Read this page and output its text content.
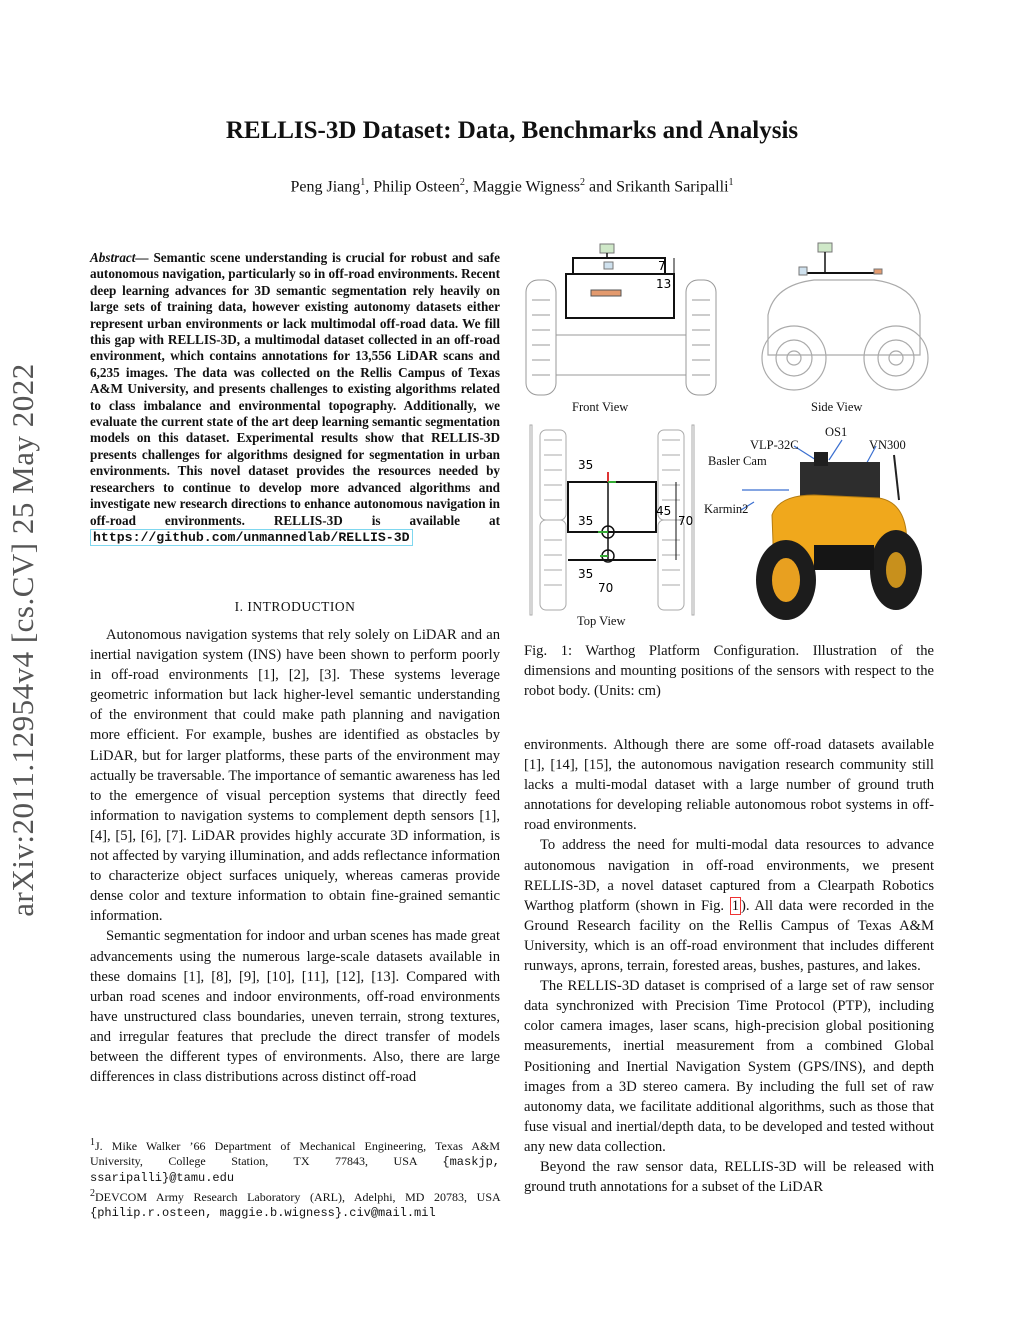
arXiv:2011.12954v4 [cs.CV] 25 May 2022
RELLIS-3D Dataset: Data, Benchmarks and Analysis
Peng Jiang$^1$, Philip Osteen$^2$, Maggie Wigness$^2$ and Srikanth Saripalli$^1$
Abstract— Semantic scene understanding is crucial for robust and safe autonomous navigation, particularly so in off-road environments. Recent deep learning advances for 3D semantic segmentation rely heavily on large sets of training data, however existing autonomy datasets either represent urban environments or lack multimodal off-road data. We fill this gap with RELLIS-3D, a multimodal dataset collected in an off-road environment, which contains annotations for 13,556 LiDAR scans and 6,235 images. The data was collected on the Rellis Campus of Texas A&M University, and presents challenges to existing algorithms related to class imbalance and environmental topography. Additionally, we evaluate the current state of the art deep learning semantic segmentation models on this dataset. Experimental results show that RELLIS-3D presents challenges for algorithms designed for segmentation in urban environments. This novel dataset provides the resources needed by researchers to continue to develop more advanced algorithms and investigate new research directions to enhance autonomous navigation in off-road environments. RELLIS-3D is available at https://github.com/unmannedlab/RELLIS-3D
I. INTRODUCTION

Autonomous navigation systems that rely solely on LiDAR and an inertial navigation system (INS) have been shown to perform poorly in off-road environments [1], [2], [3]. These systems leverage geometric information but lack higher-level semantic understanding of the environment that could make path planning and navigation more efficient. For example, bushes are identified as obstacles by LiDAR, but for larger platforms, these parts of the environment may actually be traversable. The importance of semantic awareness has led to the emergence of visual perception systems that directly feed information to navigation systems to complement depth sensors [1], [4], [5], [6], [7]. LiDAR provides highly accurate 3D information, is not affected by varying illumination, and adds reflectance information to characterize object surfaces uniquely, whereas cameras provide dense color and texture information to obtain fine-grained semantic information.

Semantic segmentation for indoor and urban scenes has made great advancements using the numerous large-scale datasets available in these domains [1], [8], [9], [10], [11], [12], [13]. Compared with urban road scenes and indoor environments, off-road environments have unstructured class boundaries, uneven terrain, strong textures, and irregular features that preclude the direct transfer of models between the different types of environments. Also, there are large differences in class distributions across distinct off-road

$^1$J. Mike Walker ’66 Department of Mechanical Engineering, Texas A&M University, College Station, TX 77843, USA {maskjp, ssaripalli}@tamu.edu

$^2$DEVCOM Army Research Laboratory (ARL), Adelphi, MD 20783, USA {philip.r.osteen, maggie.b.wigness}.civ@mail.mil

7
13
35
35
35
45
70
70
Front View	Side View
Top View
OS1
VLP-32C	VN300
Basler Cam
Karmin2
Fig. 1: Warthog Platform Configuration. Illustration of the dimensions and mounting positions of the sensors with respect to the robot body. (Units: cm)

environments. Although there are some off-road datasets available [1], [14], [15], the autonomous navigation research community still lacks a multi-modal dataset with a large number of ground truth annotations for developing reliable autonomous robot systems in off-road environments.

To address the need for multi-modal data resources to advance autonomous navigation in off-road environments, we present RELLIS-3D, a novel dataset captured from a Clearpath Robotics Warthog platform (shown in Fig. 1 ). All data were recorded in the Ground Research facility on the Rellis Campus of Texas A&M University, which is an off-road environment that includes different runways, aprons, terrain, forested areas, bushes, pastures, and lakes.

The RELLIS-3D dataset is comprised of a large set of raw sensor data synchronized with Precision Time Protocol (PTP), including color camera images, laser scans, high-precision global positioning measurements, inertial measurement from a combined Global Positioning and Inertial Navigation System (GPS/INS), and depth images from a 3D stereo camera. By including the full set of raw autonomy data, we facilitate additional algorithms, such as those that fuse visual and inertial/depth data, to be developed and tested without any new data collection.

Beyond the raw sensor data, RELLIS-3D will be released with ground truth annotations for a subset of the LiDAR
